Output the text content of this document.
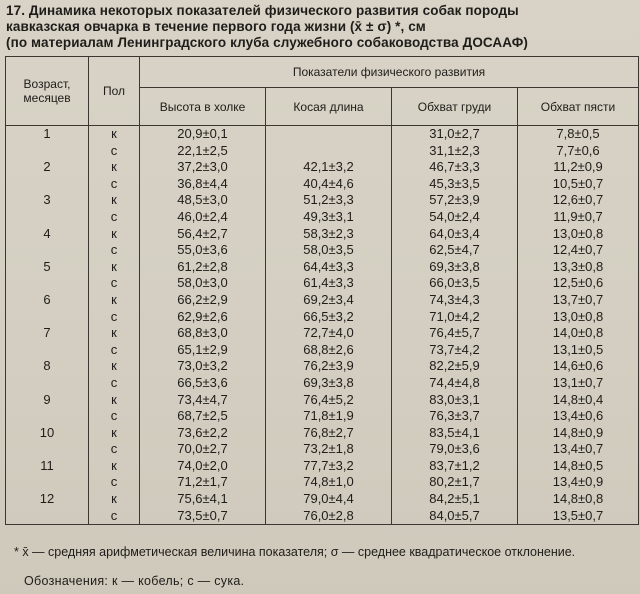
17. Динамика некоторых показателей физического развития собак породы
кавказская овчарка в течение первого года жизни (x̄ ± σ) *, см
(по материалам Ленинградского клуба служебного собаководства ДОСААФ)
Возраст, месяцев	Пол	Показатели физического развития			
		Высота в холке	Косая длина	Обхват груди	Обхват пясти
1	к	20,9±0,1		31,0±2,7	7,8±0,5
	с	22,1±2,5		31,1±2,3	7,7±0,6
2	к	37,2±3,0	42,1±3,2	46,7±3,3	11,2±0,9
	с	36,8±4,4	40,4±4,6	45,3±3,5	10,5±0,7
3	к	48,5±3,0	51,2±3,3	57,2±3,9	12,6±0,7
	с	46,0±2,4	49,3±3,1	54,0±2,4	11,9±0,7
4	к	56,4±2,7	58,3±2,3	64,0±3,4	13,0±0,8
	с	55,0±3,6	58,0±3,5	62,5±4,7	12,4±0,7
5	к	61,2±2,8	64,4±3,3	69,3±3,8	13,3±0,8
	с	58,0±3,0	61,4±3,3	66,0±3,5	12,5±0,6
6	к	66,2±2,9	69,2±3,4	74,3±4,3	13,7±0,7
	с	62,9±2,6	66,5±3,2	71,0±4,2	13,0±0,8
7	к	68,8±3,0	72,7±4,0	76,4±5,7	14,0±0,8
	с	65,1±2,9	68,8±2,6	73,7±4,2	13,1±0,5
8	к	73,0±3,2	76,2±3,9	82,2±5,9	14,6±0,6
	с	66,5±3,6	69,3±3,8	74,4±4,8	13,1±0,7
9	к	73,4±4,7	76,4±5,2	83,0±3,1	14,8±0,4
	с	68,7±2,5	71,8±1,9	76,3±3,7	13,4±0,6
10	к	73,6±2,2	76,8±2,7	83,5±4,1	14,8±0,9
	с	70,0±2,7	73,2±1,8	79,0±3,6	13,4±0,7
11	к	74,0±2,0	77,7±3,2	83,7±1,2	14,8±0,5
	с	71,2±1,7	74,8±1,0	80,2±1,7	13,4±0,9
12	к	75,6±4,1	79,0±4,4	84,2±5,1	14,8±0,8
	с	73,5±0,7	76,0±2,8	84,0±5,7	13,5±0,7
* x̄ — средняя арифметическая величина показателя; σ — среднее квадратическое отклонение.
Обозначения: к — кобель; с — сука.
